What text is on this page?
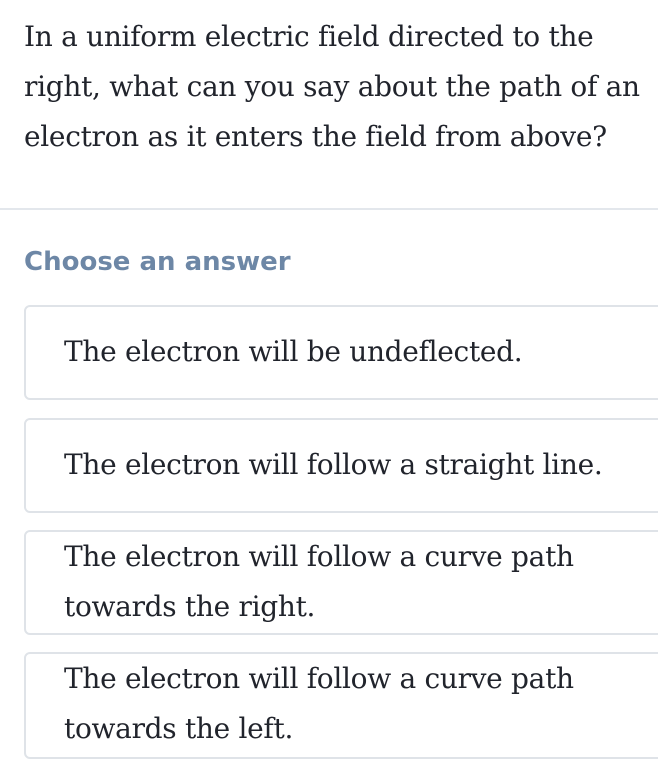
In a uniform electric field directed to the right, what can you say about the path of an electron as it enters the field from above?

Choose an answer

The electron will be undeflected.
The electron will follow a straight line.
The electron will follow a curve path towards the right.
The electron will follow a curve path towards the left.
